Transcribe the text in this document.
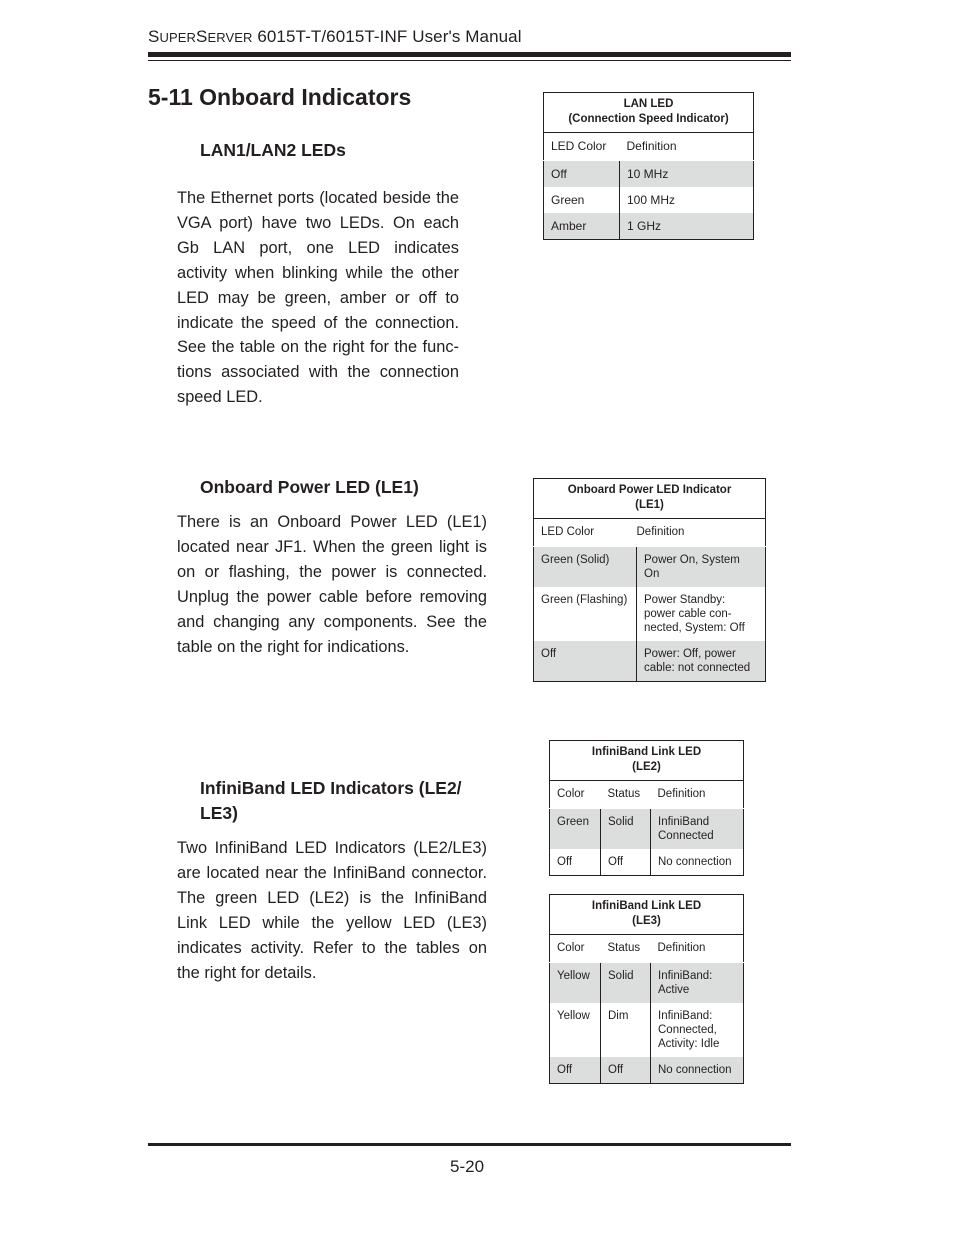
SUPERSERVER 6015T-T/6015T-INF User's Manual
5-11 Onboard Indicators
LAN1/LAN2 LEDs
The Ethernet ports (located beside the VGA port) have two LEDs. On each Gb LAN port, one LED indicates activity when blinking while the other LED may be green, amber or off to indicate the speed of the connection. See the table on the right for the func-tions associated with the connection speed LED.
LAN LED
(Connection Speed Indicator)	
LED Color	Definition
Off	10 MHz
Green	100 MHz
Amber	1 GHz
Onboard Power LED (LE1)
There is an Onboard Power LED (LE1) located near JF1. When the green light is on or flashing, the power is connected. Unplug the power cable before removing and changing any components. See the table on the right for indications.
Onboard Power LED Indicator
(LE1)	
LED Color	Definition
Green (Solid)	Power On, System On
Green (Flashing)	Power Standby: power cable con-nected, System: Off
Off	Power: Off, power cable: not connected
InfiniBand LED Indicators (LE2/
LE3)
Two InfiniBand LED Indicators (LE2/LE3) are located near the InfiniBand connector. The green LED (LE2) is the InfiniBand Link LED while the yellow LED (LE3) indicates activity. Refer to the tables on the right for details.
InfiniBand Link LED
(LE2)		
Color	Status	Definition
Green	Solid	InfiniBand Connected
Off	Off	No connection
InfiniBand Link LED
(LE3)		
Color	Status	Definition
Yellow	Solid	InfiniBand: Active
Yellow	Dim	InfiniBand: Connected, Activity: Idle
Off	Off	No connection
5-20
